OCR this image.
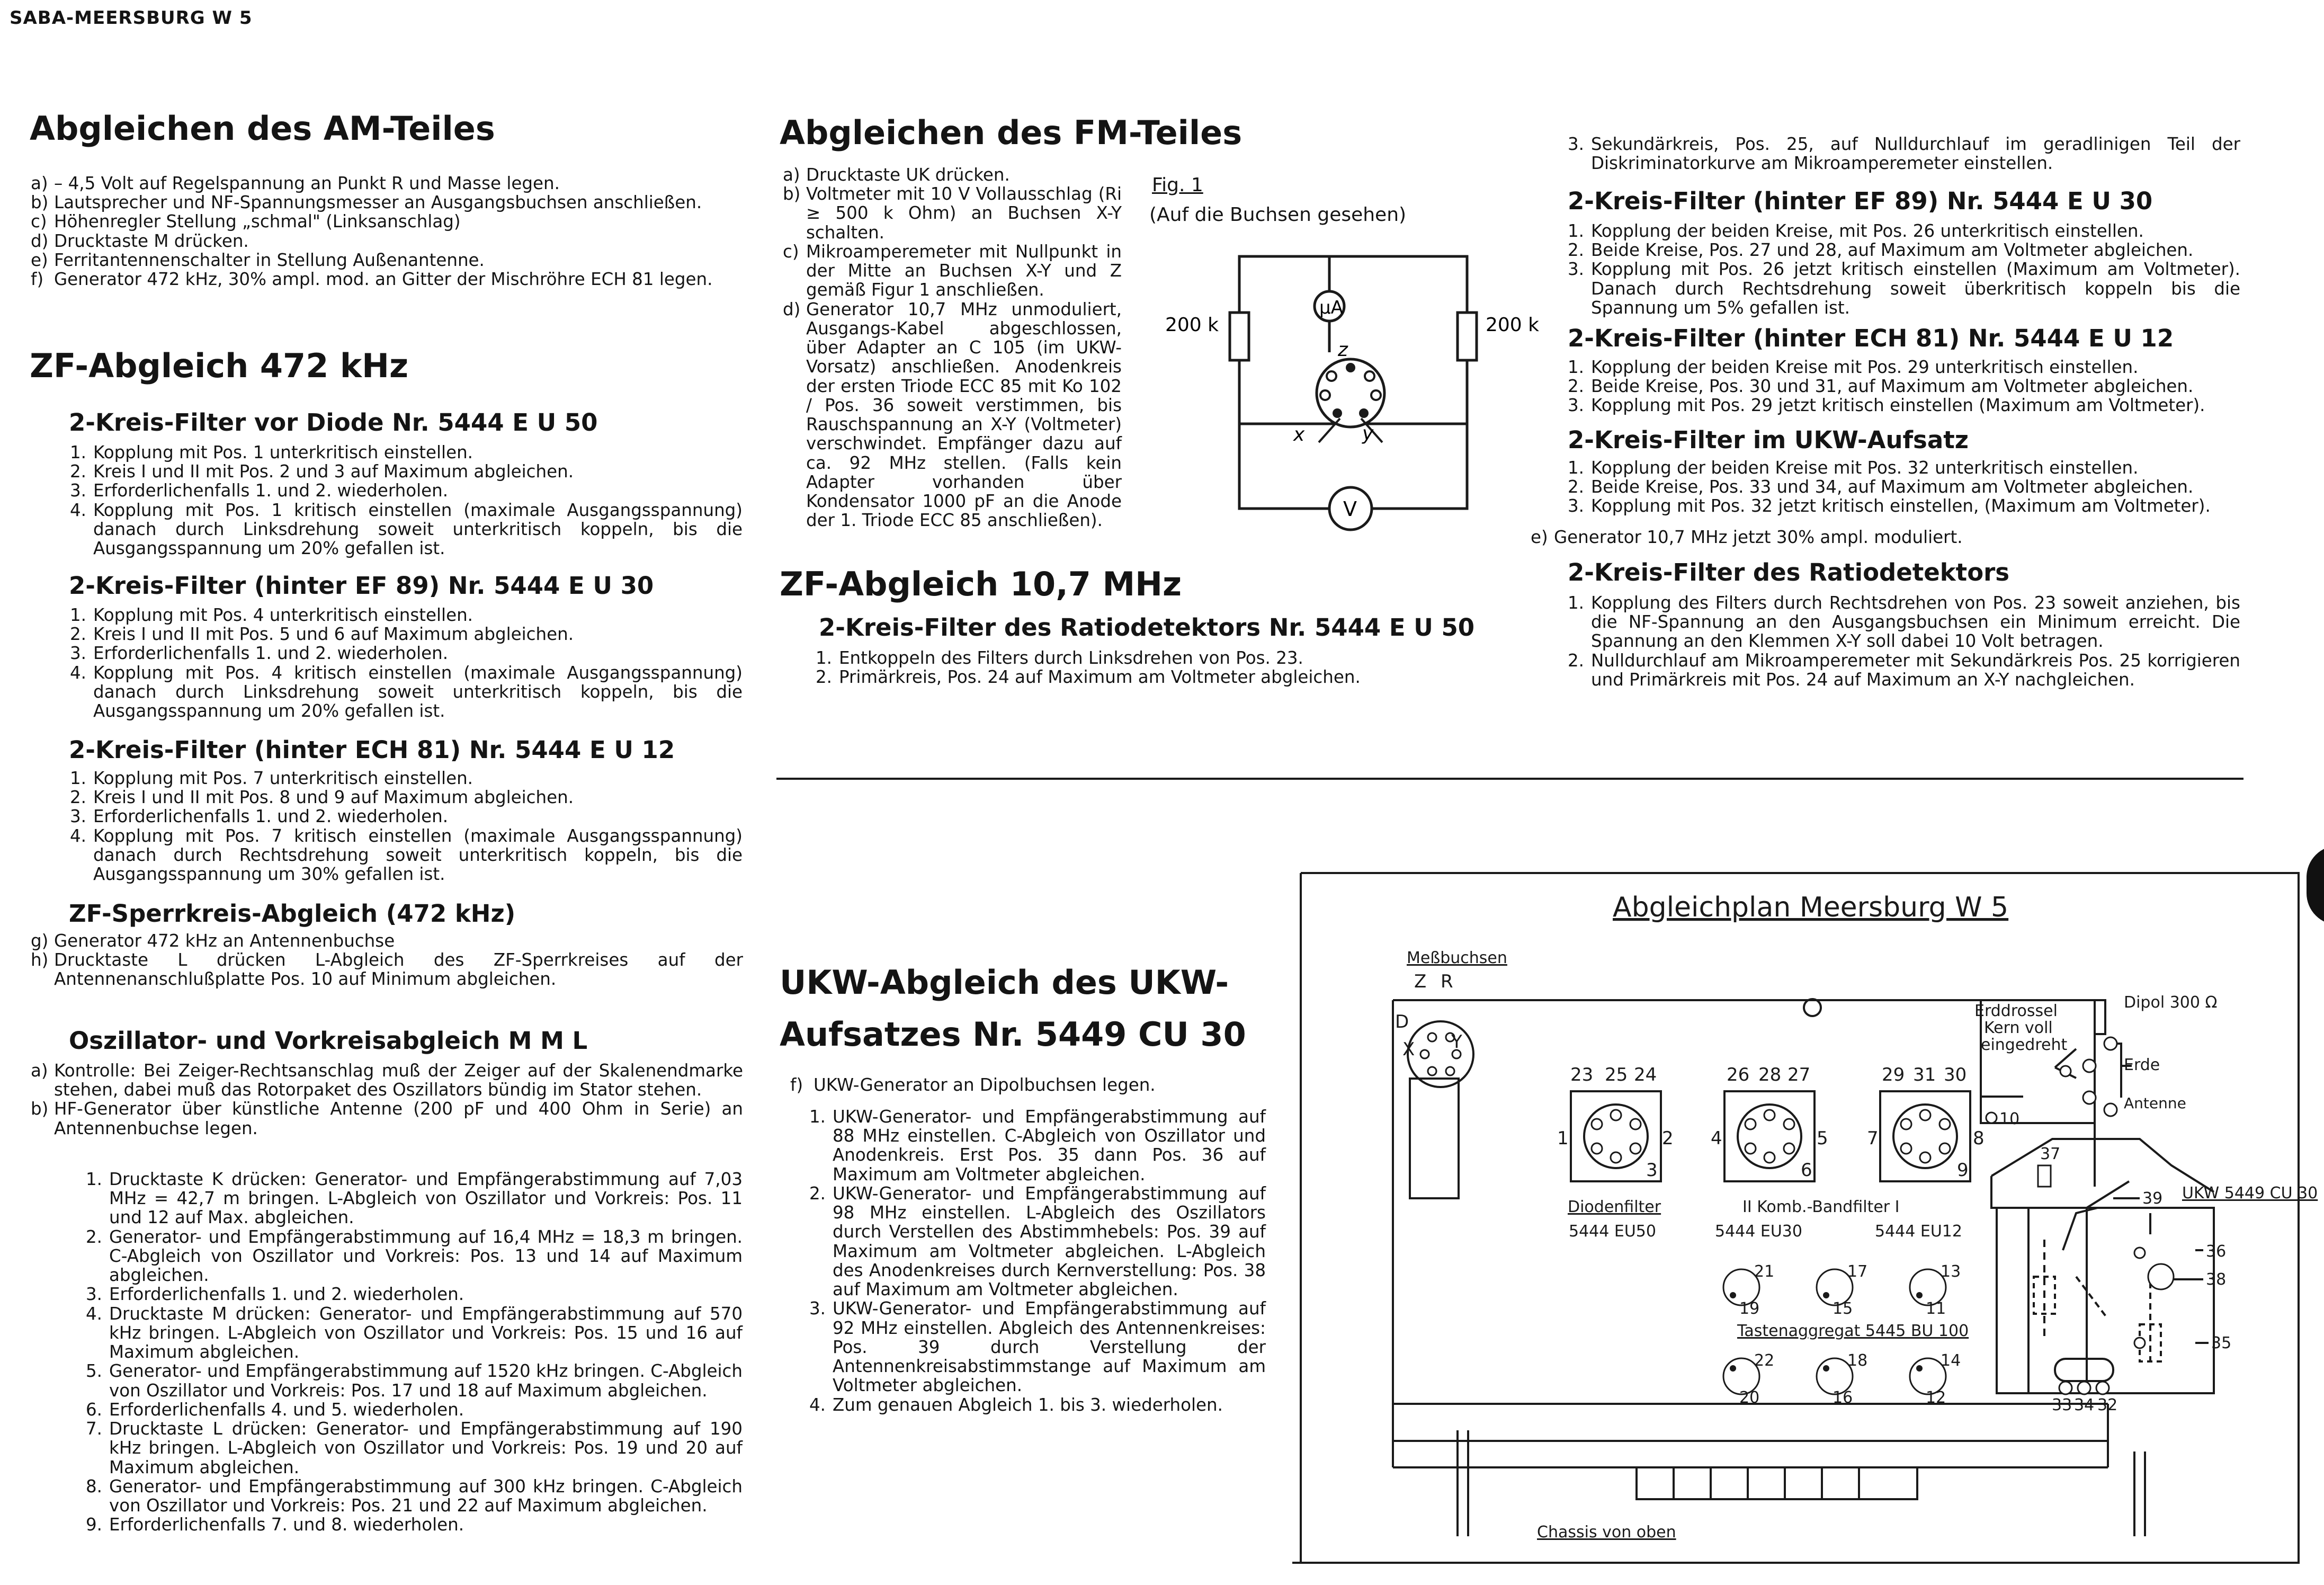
SABA-MEERSBURG W 5
Abgleichen des AM-Teiles
a) – 4,5 Volt auf Regelspannung an Punkt R und Masse legen.
b) Lautsprecher und NF-Spannungsmesser an Ausgangsbuchsen anschließen.
c) Höhenregler Stellung „schmal" (Linksanschlag)
d) Drucktaste M drücken.
e) Ferritantennenschalter in Stellung Außenantenne.
f) Generator 472 kHz, 30% ampl. mod. an Gitter der Mischröhre ECH 81 legen.
ZF-Abgleich 472 kHz
2-Kreis-Filter vor Diode Nr. 5444 E U 50
1. Kopplung mit Pos. 1 unterkritisch einstellen.
2. Kreis I und II mit Pos. 2 und 3 auf Maximum abgleichen.
3. Erforderlichenfalls 1. und 2. wiederholen.
4. Kopplung mit Pos. 1 kritisch einstellen (maximale Ausgangsspannung) danach durch Linksdrehung soweit unterkritisch koppeln, bis die Ausgangsspannung um 20% gefallen ist.
2-Kreis-Filter (hinter EF 89) Nr. 5444 E U 30
1. Kopplung mit Pos. 4 unterkritisch einstellen.
2. Kreis I und II mit Pos. 5 und 6 auf Maximum abgleichen.
3. Erforderlichenfalls 1. und 2. wiederholen.
4. Kopplung mit Pos. 4 kritisch einstellen (maximale Ausgangsspannung) danach durch Linksdrehung soweit unterkritisch koppeln, bis die Ausgangsspannung um 20% gefallen ist.
2-Kreis-Filter (hinter ECH 81) Nr. 5444 E U 12
1. Kopplung mit Pos. 7 unterkritisch einstellen.
2. Kreis I und II mit Pos. 8 und 9 auf Maximum abgleichen.
3. Erforderlichenfalls 1. und 2. wiederholen.
4. Kopplung mit Pos. 7 kritisch einstellen (maximale Ausgangsspannung) danach durch Rechtsdrehung soweit unterkritisch koppeln, bis die Ausgangsspannung um 30% gefallen ist.
ZF-Sperrkreis-Abgleich (472 kHz)
g) Generator 472 kHz an Antennenbuchse
h) Drucktaste L drücken L-Abgleich des ZF-Sperrkreises auf der Antennenanschlußplatte Pos. 10 auf Minimum abgleichen.
Oszillator- und Vorkreisabgleich M M L
a) Kontrolle: Bei Zeiger-Rechtsanschlag muß der Zeiger auf der Skalenendmarke stehen, dabei muß das Rotorpaket des Oszillators bündig im Stator stehen.
b) HF-Generator über künstliche Antenne (200 pF und 400 Ohm in Serie) an Antennenbuchse legen.
1. Drucktaste K drücken: Generator- und Empfängerabstimmung auf 7,03 MHz = 42,7 m bringen. L-Abgleich von Oszillator und Vorkreis: Pos. 11 und 12 auf Max. abgleichen.
2. Generator- und Empfängerabstimmung auf 16,4 MHz = 18,3 m bringen. C-Abgleich von Oszillator und Vorkreis: Pos. 13 und 14 auf Maximum abgleichen.
3. Erforderlichenfalls 1. und 2. wiederholen.
4. Drucktaste M drücken: Generator- und Empfängerabstimmung auf 570 kHz bringen. L-Abgleich von Oszillator und Vorkreis: Pos. 15 und 16 auf Maximum abgleichen.
5. Generator- und Empfängerabstimmung auf 1520 kHz bringen. C-Abgleich von Oszillator und Vorkreis: Pos. 17 und 18 auf Maximum abgleichen.
6. Erforderlichenfalls 4. und 5. wiederholen.
7. Drucktaste L drücken: Generator- und Empfängerabstimmung auf 190 kHz bringen. L-Abgleich von Oszillator und Vorkreis: Pos. 19 und 20 auf Maximum abgleichen.
8. Generator- und Empfängerabstimmung auf 300 kHz bringen. C-Abgleich von Oszillator und Vorkreis: Pos. 21 und 22 auf Maximum abgleichen.
9. Erforderlichenfalls 7. und 8. wiederholen.
Abgleichen des FM-Teiles
a) Drucktaste UK drücken.
b) Voltmeter mit 10 V Vollausschlag (Ri ≥ 500 k Ohm) an Buchsen X-Y schalten.
c) Mikroamperemeter mit Nullpunkt in der Mitte an Buchsen X-Y und Z gemäß Figur 1 anschließen.
d) Generator 10,7 MHz unmoduliert, Ausgangs-Kabel abgeschlossen, über Adapter an C 105 (im UKW-Vorsatz) anschließen. Anodenkreis der ersten Triode ECC 85 mit Ko 102 / Pos. 36 soweit verstimmen, bis Rauschspannung an X-Y (Voltmeter) verschwindet. Empfänger dazu auf ca. 92 MHz stellen. (Falls kein Adapter vorhanden über Kondensator 1000 pF an die Anode der 1. Triode ECC 85 anschließen).
Fig. 1
(Auf die Buchsen gesehen)
200 k	200 k
μA
V
z
x	y
ZF-Abgleich 10,7 MHz
2-Kreis-Filter des Ratiodetektors Nr. 5444 E U 50
1. Entkoppeln des Filters durch Linksdrehen von Pos. 23.
2. Primärkreis, Pos. 24 auf Maximum am Voltmeter abgleichen.
3. Sekundärkreis, Pos. 25, auf Nulldurchlauf im geradlinigen Teil der Diskriminatorkurve am Mikroamperemeter einstellen.
2-Kreis-Filter (hinter EF 89) Nr. 5444 E U 30
1. Kopplung der beiden Kreise, mit Pos. 26 unterkritisch einstellen.
2. Beide Kreise, Pos. 27 und 28, auf Maximum am Voltmeter abgleichen.
3. Kopplung mit Pos. 26 jetzt kritisch einstellen (Maximum am Voltmeter). Danach durch Rechtsdrehung soweit überkritisch koppeln bis die Spannung um 5% gefallen ist.
2-Kreis-Filter (hinter ECH 81) Nr. 5444 E U 12
1. Kopplung der beiden Kreise mit Pos. 29 unterkritisch einstellen.
2. Beide Kreise, Pos. 30 und 31, auf Maximum am Voltmeter abgleichen.
3. Kopplung mit Pos. 29 jetzt kritisch einstellen (Maximum am Voltmeter).
2-Kreis-Filter im UKW-Aufsatz
1. Kopplung der beiden Kreise mit Pos. 32 unterkritisch einstellen.
2. Beide Kreise, Pos. 33 und 34, auf Maximum am Voltmeter abgleichen.
3. Kopplung mit Pos. 32 jetzt kritisch einstellen, (Maximum am Voltmeter).
e) Generator 10,7 MHz jetzt 30% ampl. moduliert.
2-Kreis-Filter des Ratiodetektors
1. Kopplung des Filters durch Rechtsdrehen von Pos. 23 soweit anziehen, bis die NF-Spannung an den Ausgangsbuchsen ein Minimum erreicht. Die Spannung an den Klemmen X-Y soll dabei 10 Volt betragen.
2. Nulldurchlauf am Mikroamperemeter mit Sekundärkreis Pos. 25 korrigieren und Primärkreis mit Pos. 24 auf Maximum an X-Y nachgleichen.
UKW-Abgleich des UKW-
Aufsatzes Nr. 5449 CU 30
f) UKW-Generator an Dipolbuchsen legen.
1. UKW-Generator- und Empfängerabstimmung auf 88 MHz einstellen. C-Abgleich von Oszillator und Anodenkreis. Erst Pos. 35 dann Pos. 36 auf Maximum am Voltmeter abgleichen.
2. UKW-Generator- und Empfängerabstimmung auf 98 MHz einstellen. L-Abgleich des Oszillators durch Verstellen des Abstimmhebels: Pos. 39 auf Maximum am Voltmeter abgleichen. L-Abgleich des Anodenkreises durch Kernverstellung: Pos. 38 auf Maximum am Voltmeter abgleichen.
3. UKW-Generator- und Empfängerabstimmung auf 92 MHz einstellen. Abgleich des Antennenkreises: Pos. 39 durch Verstellung der Antennenkreisabstimmstange auf Maximum am Voltmeter abgleichen.
4. Zum genauen Abgleich 1. bis 3. wiederholen.
Abgleichplan Meersburg W 5
Meßbuchsen
Z R
D
Y
X
23 25 24
1	2
3
26 28 27
4	5
6
29 31 30
7	8
9
Diodenfilter
5444 EU50
II Komb.-Bandfilter I
5444 EU30	5444 EU12
Erddrossel
Kern voll
eingedreht
Dipol 300 Ω
Erde
Antenne
10
37
39 UKW 5449 CU 30
36
38
35
33 34 32
21
19
17
15
13
11
Tastenaggregat 5445 BU 100
22
20
18
16
14
12
Chassis von oben
